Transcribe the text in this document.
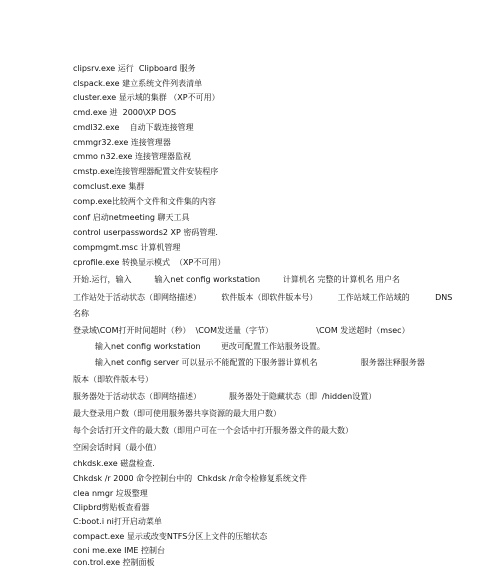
clipsrv.exe 运行  Clipboard 服务
clspack.exe 建立系统文件列表清单
cluster.exe 显示域的集群 （XP不可用）
cmd.exe 进  2000\XP DOS
cmdl32.exe    自动下载连接管理
cmmgr32.exe 连接管理器
cmmo n32.exe 连接管理器监视
cmstp.exe连接管理器配置文件安装程序
comclust.exe 集群
comp.exe比较两个文件和文件集的内容
conf 启动netmeeting 聊天工具
control userpasswords2 XP 密码管理.
compmgmt.msc 计算机管理
cprofile.exe 转换显示模式  （XP不可用）
开始.运行，输入         输入net config workstation         计算机名 完整的计算机名 用户名
工作站处于活动状态（即网络描述）        软件版本（即软件版本号）        工作站域工作站域的          DNS
名称
登录域\COM打开时间超时（秒）  \COM发送量（字节）                 \COM 发送超时（msec）
输入net config workstation        更改可配置工作站服务设置。
输入net config server 可以显示不能配置的下服务器计算机名                 服务器注释服务器
版本（即软件版本号）
服务器处于活动状态（即网络描述）           服务器处于隐藏状态（即  /hidden设置）
最大登录用户数（即可使用服务器共享资源的最大用户数）
每个会话打开文件的最大数（即用户可在一个会话中打开服务器文件的最大数）
空闲会话时间（最小值）
chkdsk.exe 磁盘检查.
Chkdsk /r 2000 命令控制台中的  Chkdsk /r命令检修复系统文件
clea nmgr 垃圾整理
Clipbrd剪贴板查看器
C:boot.i ni打开启动菜单
compact.exe 显示或改变NTFS分区上文件的压缩状态
coni me.exe IME 控制台
con.trol.exe 控制面板
